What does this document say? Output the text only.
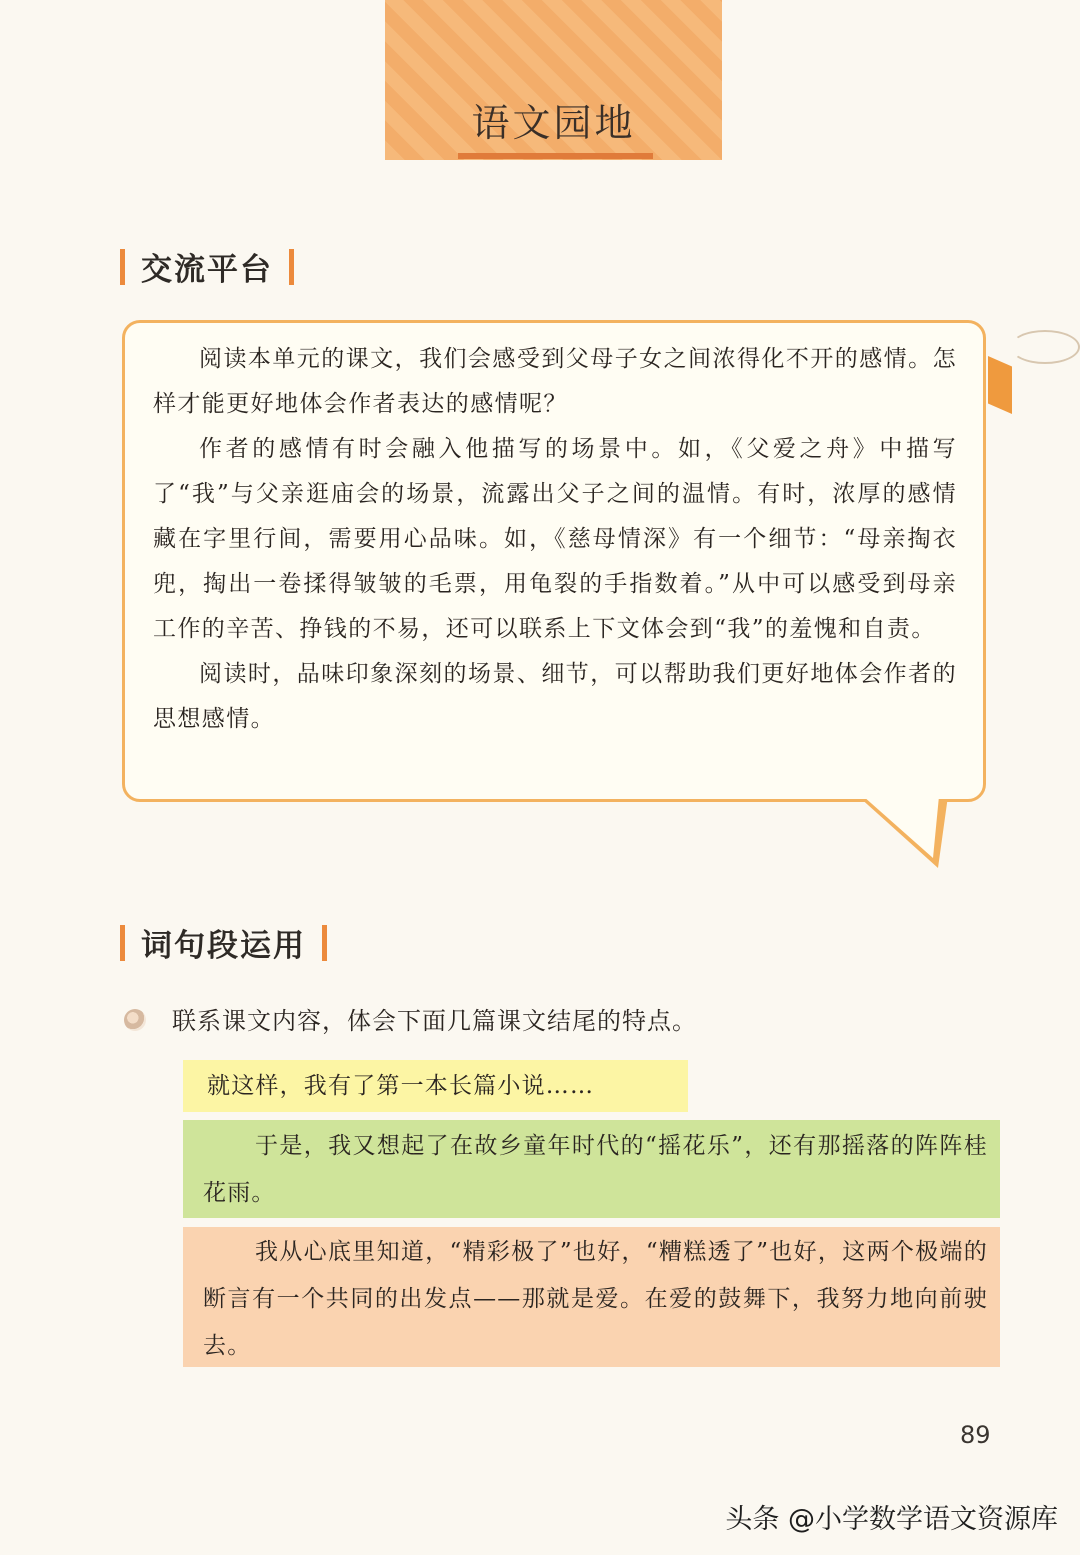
语文园地
交流平台

阅读本单元的课文，我们会感受到父母子女之间浓得化不开的感情。怎样才能更好地体会作者表达的感情呢？

作者的感情有时会融入他描写的场景中。如，《父爱之舟》中描写了“我”与父亲逛庙会的场景，流露出父子之间的温情。有时，浓厚的感情藏在字里行间，需要用心品味。如，《慈母情深》有一个细节：“母亲掏衣兜，掏出一卷揉得皱皱的毛票，用龟裂的手指数着。”从中可以感受到母亲工作的辛苦、挣钱的不易，还可以联系上下文体会到“我”的羞愧和自责。

阅读时，品味印象深刻的场景、细节，可以帮助我们更好地体会作者的思想感情。

词句段运用
联系课文内容，体会下面几篇课文结尾的特点。
就这样，我有了第一本长篇小说……
于是，我又想起了在故乡童年时代的“摇花乐”，还有那摇落的阵阵桂花雨。
我从心底里知道，“精彩极了”也好，“糟糕透了”也好，这两个极端的断言有一个共同的出发点——那就是爱。在爱的鼓舞下，我努力地向前驶去。
89
头条 @小学数学语文资源库
